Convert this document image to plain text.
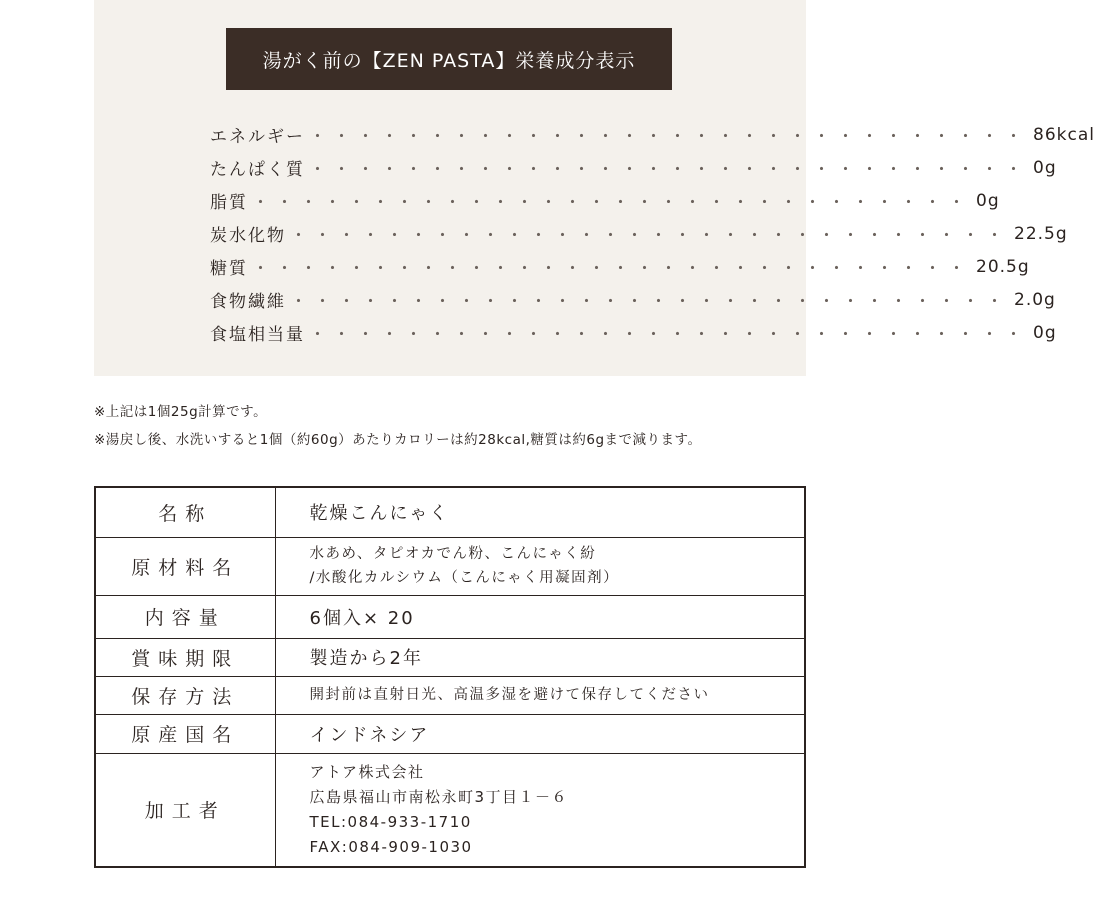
湯がく前の【ZEN PASTA】栄養成分表示
エネルギー ・・・・・・・・・・・・・・・・・・・・・・・・・・・・・・ 86kcal
たんぱく質 ・・・・・・・・・・・・・・・・・・・・・・・・・・・・・・ 0g
脂質 ・・・・・・・・・・・・・・・・・・・・・・・・・・・・・・ 0g
炭水化物 ・・・・・・・・・・・・・・・・・・・・・・・・・・・・・・ 22.5g
糖質 ・・・・・・・・・・・・・・・・・・・・・・・・・・・・・・ 20.5g
食物繊維 ・・・・・・・・・・・・・・・・・・・・・・・・・・・・・・ 2.0g
食塩相当量 ・・・・・・・・・・・・・・・・・・・・・・・・・・・・・・ 0g
※上記は1個25g計算です。
※湯戻し後、水洗いすると1個（約60g）あたりカロリーは約28kcal,糖質は約6gまで減ります。
名称	乾燥こんにゃく
原材料名	水あめ、タピオカでん粉、こんにゃく紛
/水酸化カルシウム（こんにゃく用凝固剤）

内容量	6個入× 20
賞味期限	製造から2年
保存方法	開封前は直射日光、高温多湿を避けて保存してください
原産国名	インドネシア
加工者	アトア株式会社
広島県福山市南松永町3丁目１－６
TEL:084-933-1710
FAX:084-909-1030
